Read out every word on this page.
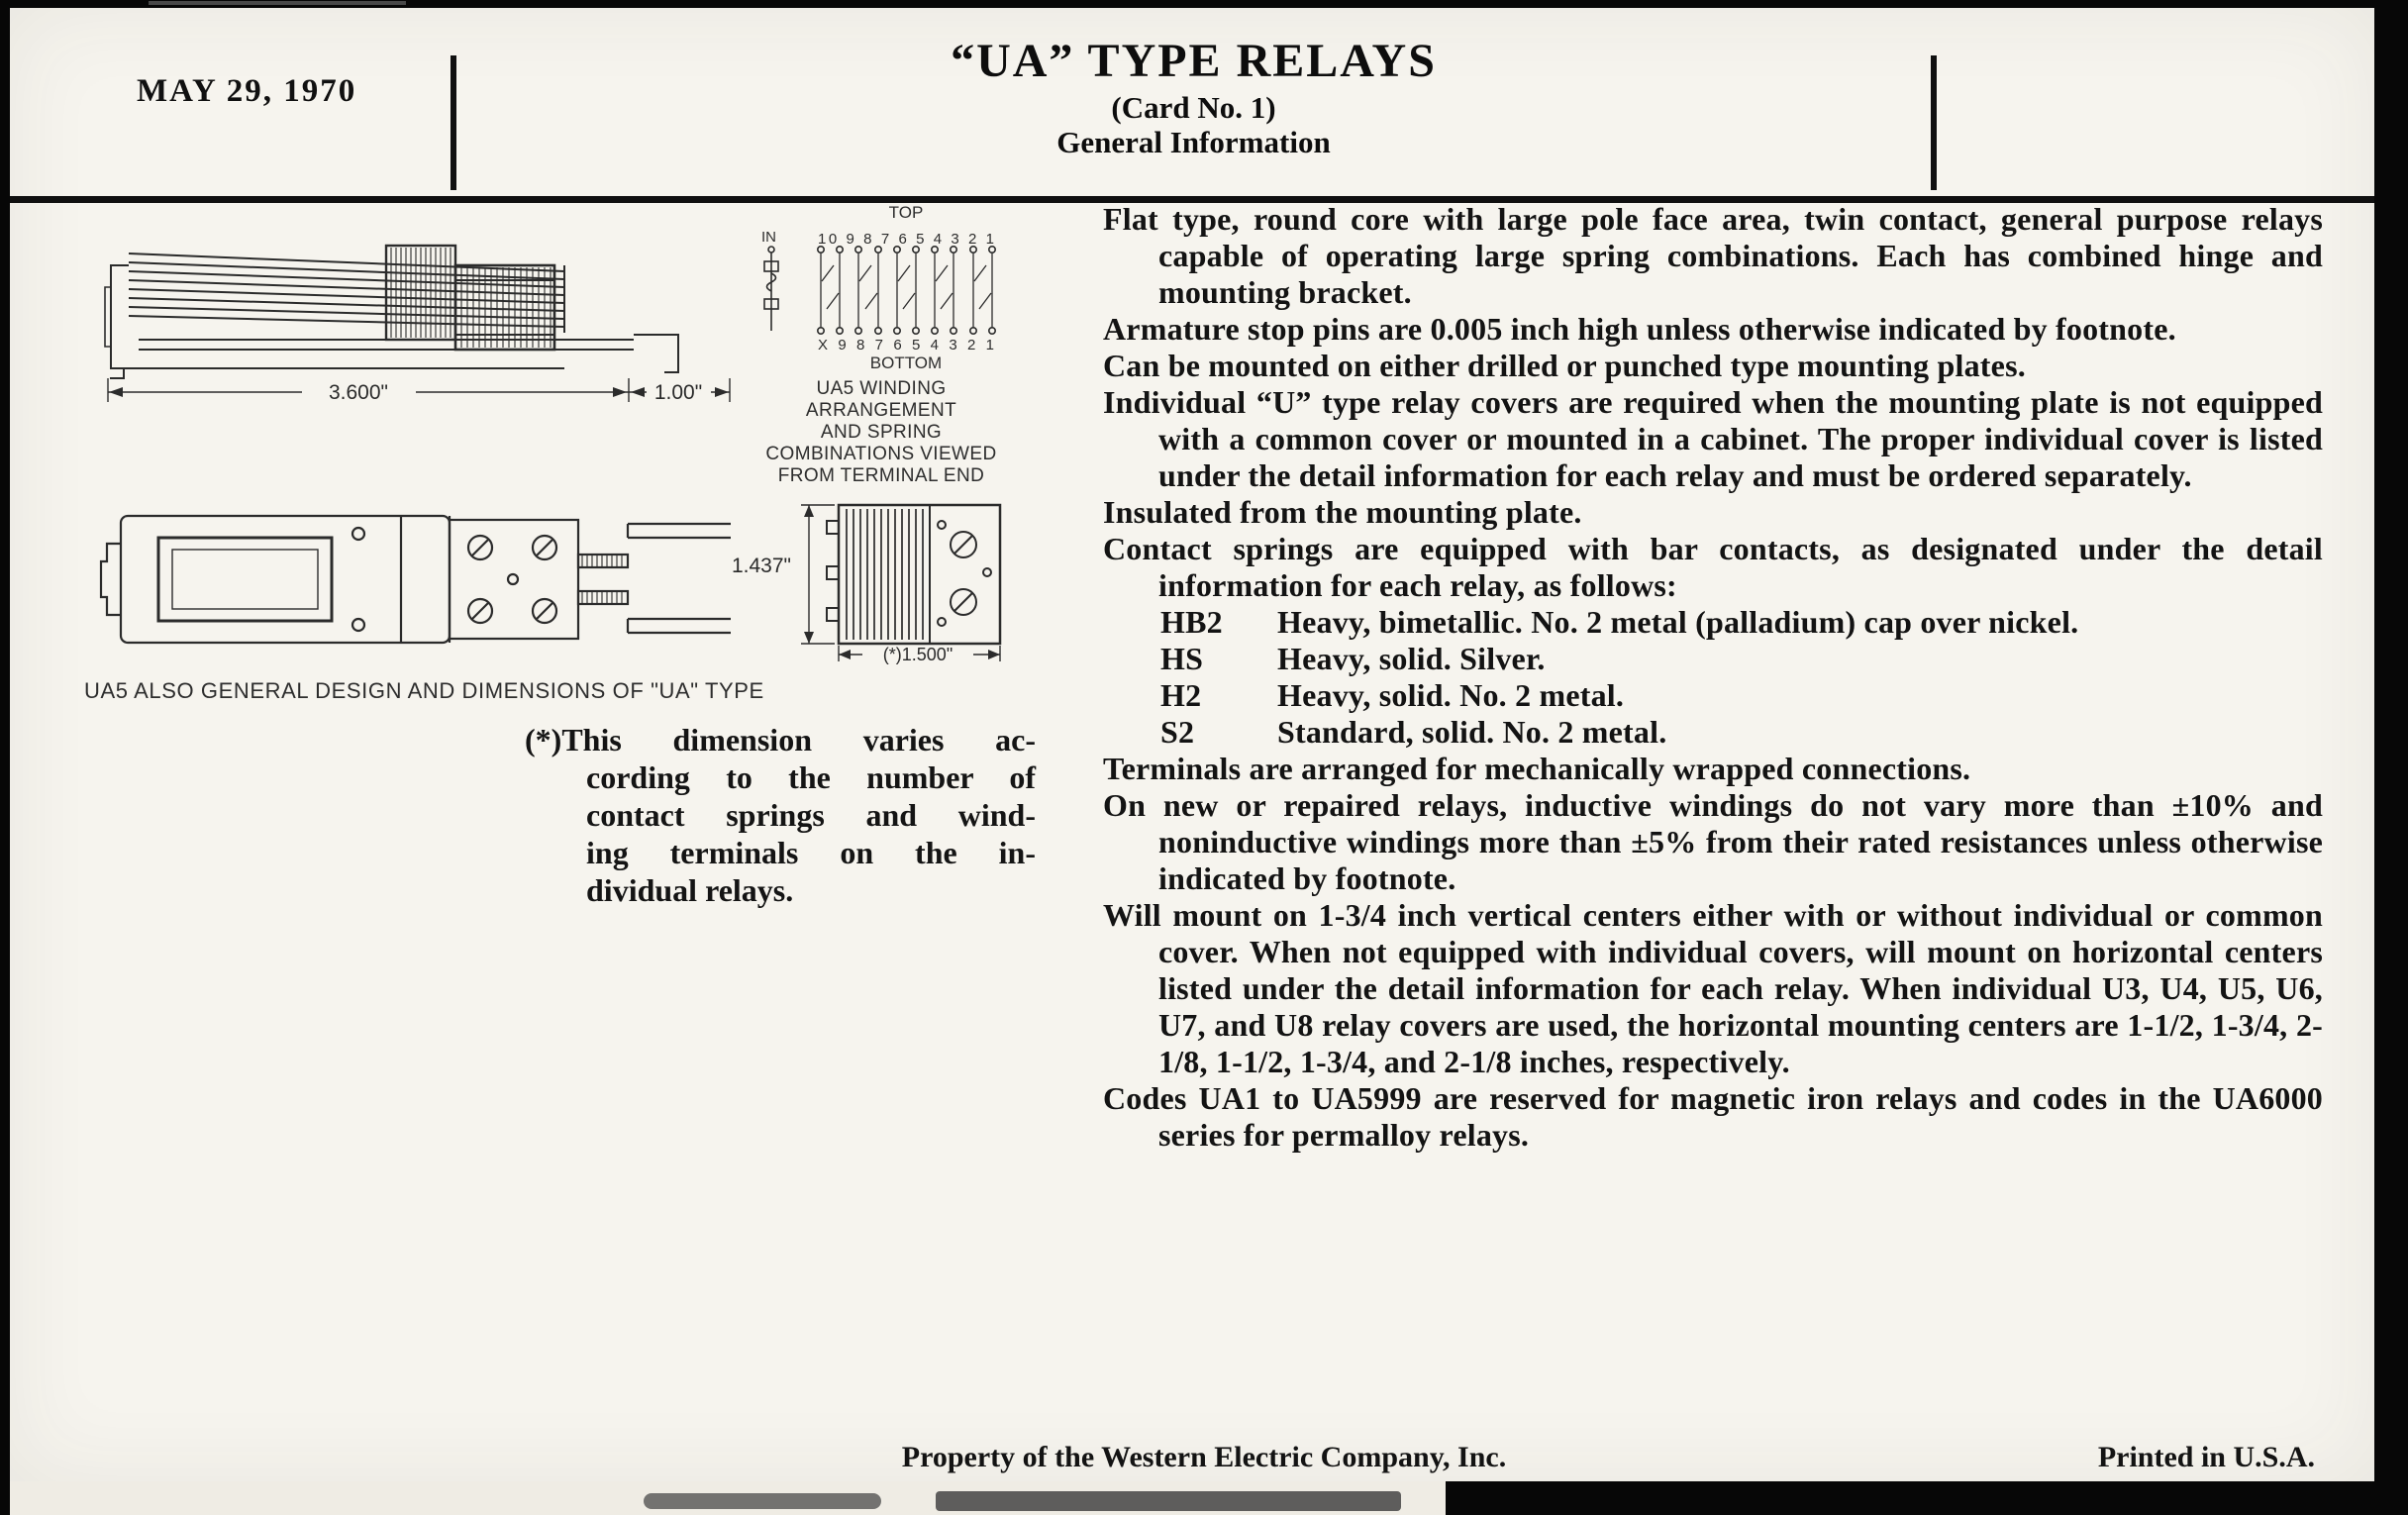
MAY 29, 1970
“UA” TYPE RELAYS
(Card No. 1)
General Information
3.600"	1.00"
TOP
IN	10 9 8 7 6 5 4 3 2 1
X 9 8 7 6 5 4 3 2 1
BOTTOM
UA5 WINDING
ARRANGEMENT
AND SPRING
COMBINATIONS VIEWED
FROM TERMINAL END
(*)1.500"
1.437"
UA5 ALSO GENERAL DESIGN AND DIMENSIONS OF "UA" TYPE
(*)This dimension varies ac-
cording to the number of
contact springs and wind-
ing terminals on the in-
dividual relays.

Flat type, round core with large pole face area, twin contact, general purpose relays capable of operating large spring combinations. Each has combined hinge and mounting bracket.

Armature stop pins are 0.005 inch high unless otherwise indicated by footnote.

Can be mounted on either drilled or punched type mounting plates.

Individual “U” type relay covers are required when the mounting plate is not equipped with a common cover or mounted in a cabinet. The proper individual cover is listed under the detail information for each relay and must be ordered separately.

Insulated from the mounting plate.

Contact springs are equipped with bar contacts, as designated under the detail information for each relay, as follows:

HB2	Heavy, bimetallic. No. 2 metal (palladium) cap over nickel.
HS	Heavy, solid. Silver.
H2	Heavy, solid. No. 2 metal.
S2	Standard, solid. No. 2 metal.

Terminals are arranged for mechanically wrapped connections.

On new or repaired relays, inductive windings do not vary more than ±10% and noninductive windings more than ±5% from their rated resistances unless otherwise indicated by footnote.

Will mount on 1-3/4 inch vertical centers either with or without individual or common cover. When not equipped with individual covers, will mount on horizontal centers listed under the detail information for each relay. When individual U3, U4, U5, U6, U7, and U8 relay covers are used, the horizontal mounting centers are 1-1/2, 1-3/4, 2-1/8, 1-1/2, 1-3/4, and 2-1/8 inches, respectively.

Codes UA1 to UA5999 are reserved for magnetic iron relays and codes in the UA6000 series for permalloy relays.

Property of the Western Electric Company, Inc.	Printed in U.S.A.
